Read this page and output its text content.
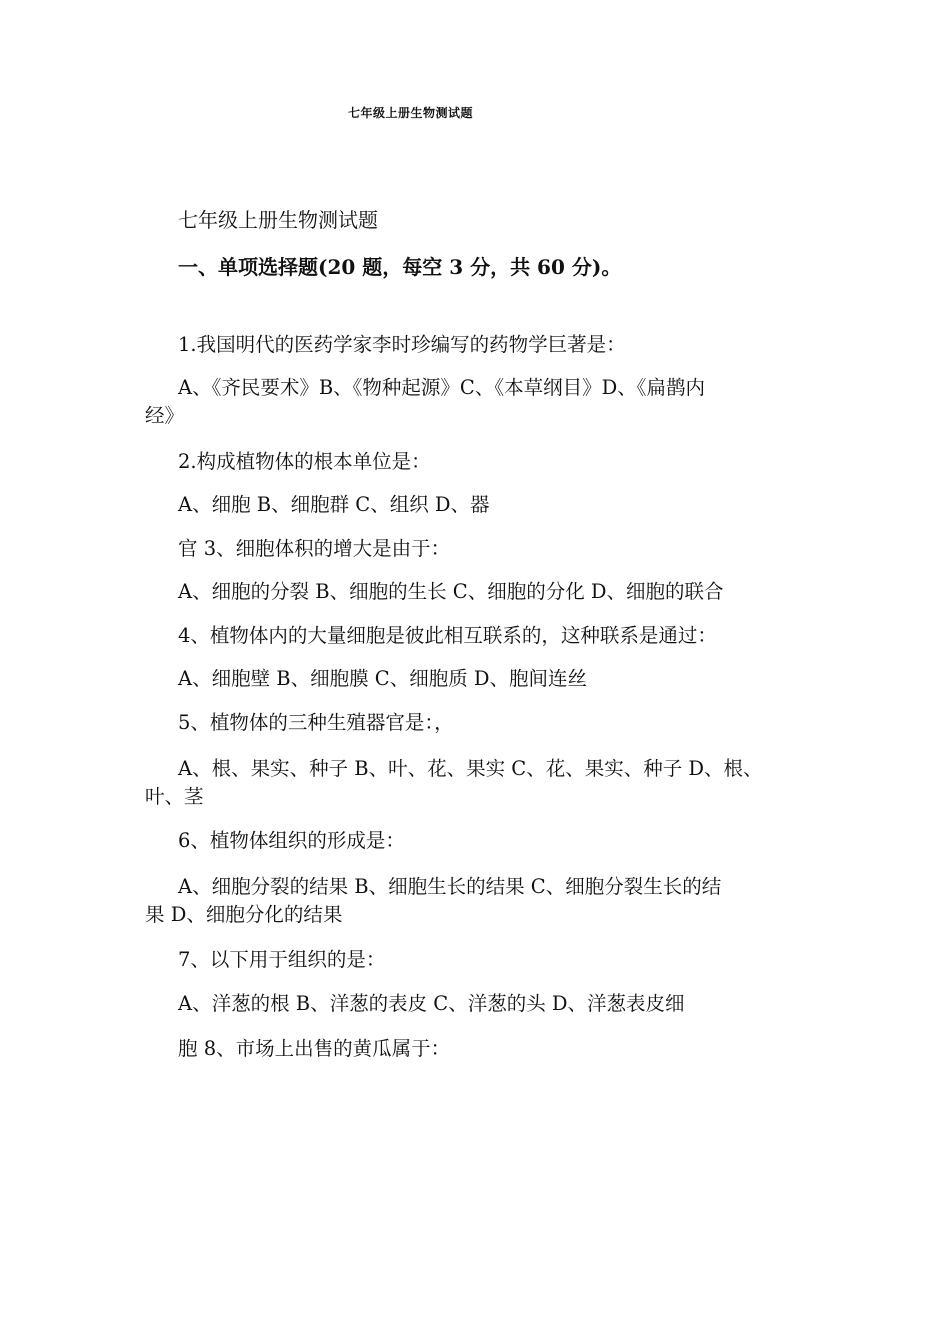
七年级上册生物测试题
七年级上册生物测试题
一、单项选择题(20 题，每空 3 分，共 60 分)。
1.我国明代的医药学家李时珍编写的药物学巨著是：
A、《齐民要术》B、《物种起源》C、《本草纲目》D、《扁鹊内
经》
2.构成植物体的根本单位是：
A、细胞 B、细胞群 C、组织 D、器
官 3、细胞体积的增大是由于：
A、细胞的分裂 B、细胞的生长 C、细胞的分化 D、细胞的联合
4、植物体内的大量细胞是彼此相互联系的，这种联系是通过：
A、细胞壁 B、细胞膜 C、细胞质 D、胞间连丝
5、植物体的三种生殖器官是：，
A、根、果实、种子 B、叶、花、果实 C、花、果实、种子 D、根、
叶、茎
6、植物体组织的形成是：
A、细胞分裂的结果 B、细胞生长的结果 C、细胞分裂生长的结
果 D、细胞分化的结果
7、以下用于组织的是：
A、洋葱的根 B、洋葱的表皮 C、洋葱的头 D、洋葱表皮细
胞 8、市场上出售的黄瓜属于：
